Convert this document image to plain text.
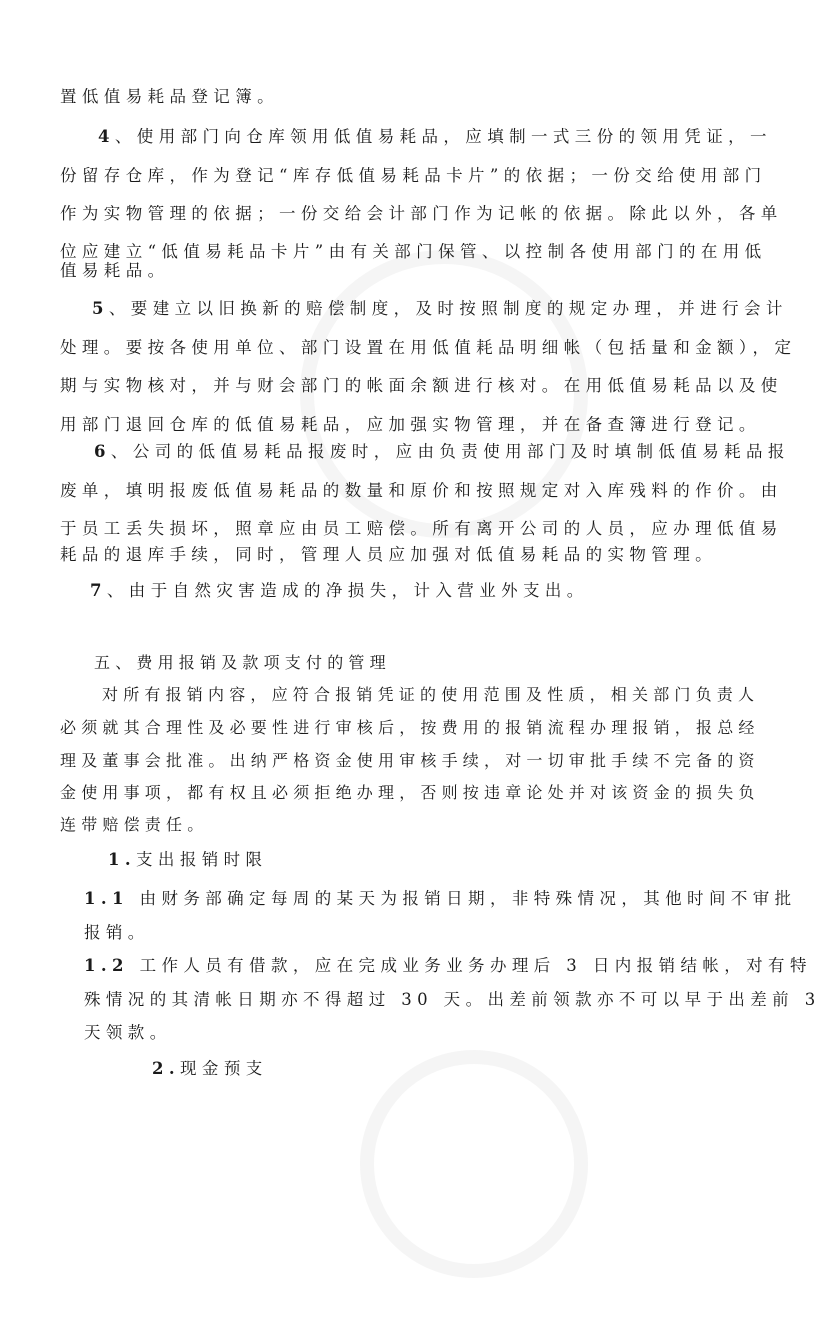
置低值易耗品登记簿。
4、使用部门向仓库领用低值易耗品，应填制一式三份的领用凭证，一
份留存仓库，作为登记“库存低值易耗品卡片”的依据；一份交给使用部门
作为实物管理的依据；一份交给会计部门作为记帐的依据。除此以外，各单
位应建立“低值易耗品卡片”由有关部门保管、以控制各使用部门的在用低
值易耗品。
5、要建立以旧换新的赔偿制度，及时按照制度的规定办理，并进行会计
处理。要按各使用单位、部门设置在用低值耗品明细帐（包括量和金额），定
期与实物核对，并与财会部门的帐面余额进行核对。在用低值易耗品以及使
用部门退回仓库的低值易耗品，应加强实物管理，并在备查簿进行登记。
6、公司的低值易耗品报废时，应由负责使用部门及时填制低值易耗品报
废单，填明报废低值易耗品的数量和原价和按照规定对入库残料的作价。由
于员工丢失损坏，照章应由员工赔偿。所有离开公司的人员，应办理低值易
耗品的退库手续，同时，管理人员应加强对低值易耗品的实物管理。
7、由于自然灾害造成的净损失，计入营业外支出。
五、费用报销及款项支付的管理
对所有报销内容，应符合报销凭证的使用范围及性质，相关部门负责人
必须就其合理性及必要性进行审核后，按费用的报销流程办理报销，报总经
理及董事会批准。出纳严格资金使用审核手续，对一切审批手续不完备的资
金使用事项，都有权且必须拒绝办理，否则按违章论处并对该资金的损失负
连带赔偿责任。
1.支出报销时限
1.1 由财务部确定每周的某天为报销日期，非特殊情况，其他时间不审批
报销。
1.2 工作人员有借款，应在完成业务业务办理后 3 日内报销结帐，对有特
殊情况的其清帐日期亦不得超过 30 天。出差前领款亦不可以早于出差前 3
天领款。
2.现金预支
